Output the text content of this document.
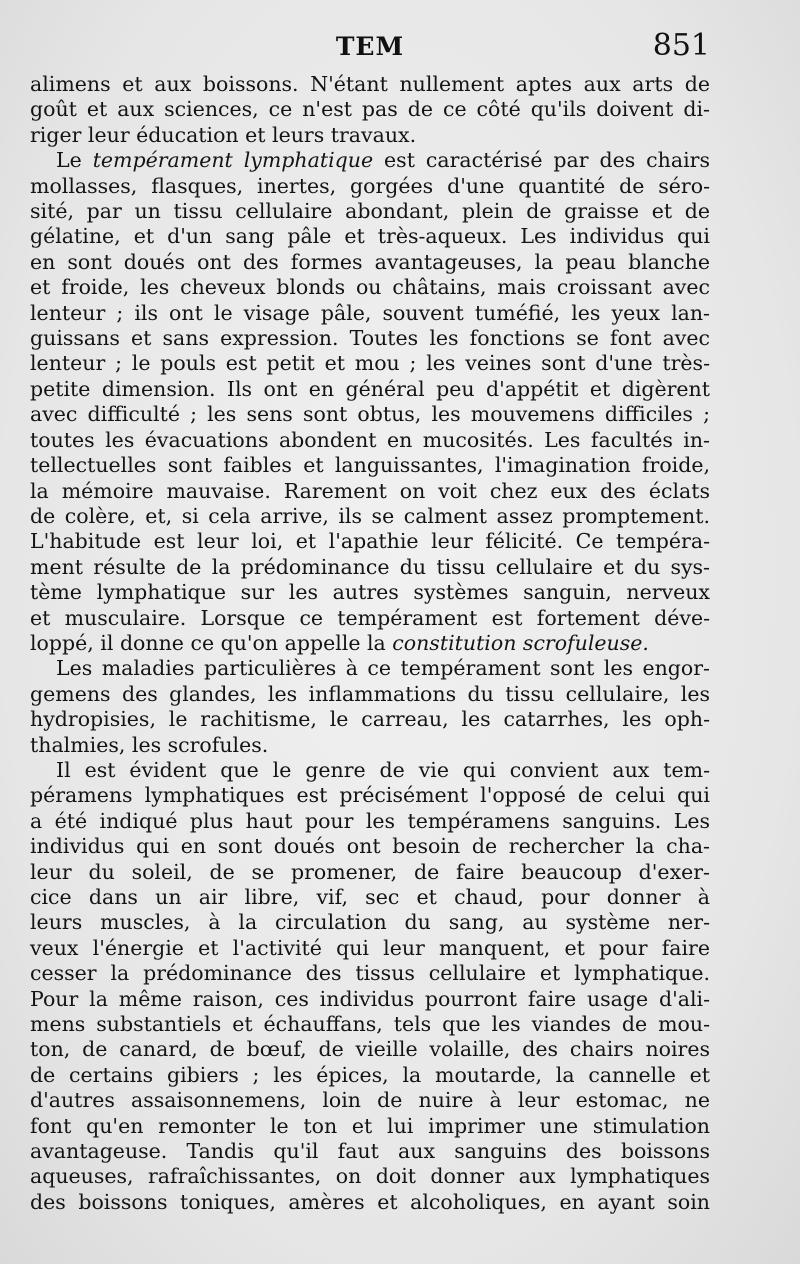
TEM	851
alimens et aux boissons. N'étant nullement aptes aux arts de
goût et aux sciences, ce n'est pas de ce côté qu'ils doivent di-
riger leur éducation et leurs travaux.
Le tempérament lymphatique est caractérisé par des chairs
mollasses, flasques, inertes, gorgées d'une quantité de séro-
sité, par un tissu cellulaire abondant, plein de graisse et de
gélatine, et d'un sang pâle et très-aqueux. Les individus qui
en sont doués ont des formes avantageuses, la peau blanche
et froide, les cheveux blonds ou châtains, mais croissant avec
lenteur ; ils ont le visage pâle, souvent tuméfié, les yeux lan-
guissans et sans expression. Toutes les fonctions se font avec
lenteur ; le pouls est petit et mou ; les veines sont d'une très-
petite dimension. Ils ont en général peu d'appétit et digèrent
avec difficulté ; les sens sont obtus, les mouvemens difficiles ;
toutes les évacuations abondent en mucosités. Les facultés in-
tellectuelles sont faibles et languissantes, l'imagination froide,
la mémoire mauvaise. Rarement on voit chez eux des éclats
de colère, et, si cela arrive, ils se calment assez promptement.
L'habitude est leur loi, et l'apathie leur félicité. Ce tempéra-
ment résulte de la prédominance du tissu cellulaire et du sys-
tème lymphatique sur les autres systèmes sanguin, nerveux
et musculaire. Lorsque ce tempérament est fortement déve-
loppé, il donne ce qu'on appelle la constitution scrofuleuse.
Les maladies particulières à ce tempérament sont les engor-
gemens des glandes, les inflammations du tissu cellulaire, les
hydropisies, le rachitisme, le carreau, les catarrhes, les oph-
thalmies, les scrofules.
Il est évident que le genre de vie qui convient aux tem-
péramens lymphatiques est précisément l'opposé de celui qui
a été indiqué plus haut pour les tempéramens sanguins. Les
individus qui en sont doués ont besoin de rechercher la cha-
leur du soleil, de se promener, de faire beaucoup d'exer-
cice dans un air libre, vif, sec et chaud, pour donner à
leurs muscles, à la circulation du sang, au système ner-
veux l'énergie et l'activité qui leur manquent, et pour faire
cesser la prédominance des tissus cellulaire et lymphatique.
Pour la même raison, ces individus pourront faire usage d'ali-
mens substantiels et échauffans, tels que les viandes de mou-
ton, de canard, de bœuf, de vieille volaille, des chairs noires
de certains gibiers ; les épices, la moutarde, la cannelle et
d'autres assaisonnemens, loin de nuire à leur estomac, ne
font qu'en remonter le ton et lui imprimer une stimulation
avantageuse. Tandis qu'il faut aux sanguins des boissons
aqueuses, rafraîchissantes, on doit donner aux lymphatiques
des boissons toniques, amères et alcoholiques, en ayant soin
